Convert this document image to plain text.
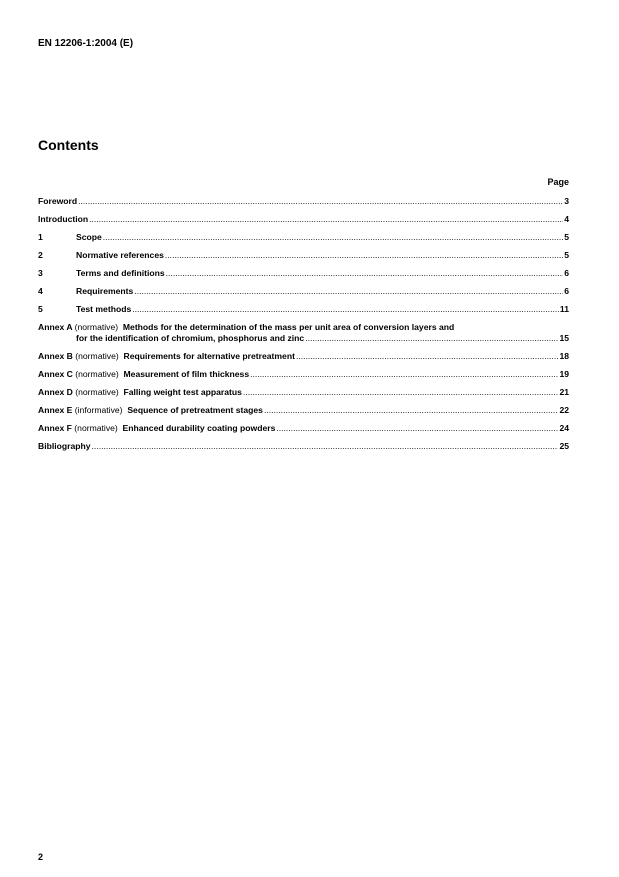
EN 12206-1:2004 (E)
Contents
Page
Foreword .....	3
Introduction .....	4
1	Scope .....	5
2	Normative references .....	5
3	Terms and definitions .....	6
4	Requirements .....	6
5	Test methods .....	11
Annex A (normative) Methods for the determination of the mass per unit area of conversion layers and
for the identification of chromium, phosphorus and zinc .....	15
Annex B (normative) Requirements for alternative pretreatment .....	18
Annex C (normative) Measurement of film thickness .....	19
Annex D (normative) Falling weight test apparatus .....	21
Annex E (informative) Sequence of pretreatment stages .....	22
Annex F (normative) Enhanced durability coating powders .....	24
Bibliography .....	25
2
